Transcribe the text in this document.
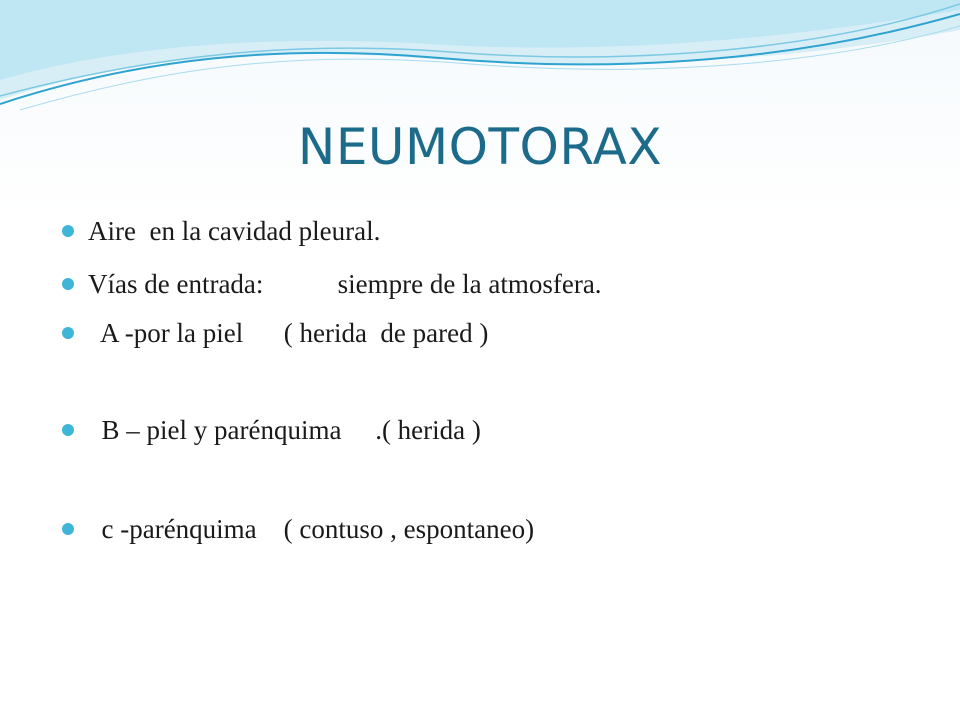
NEUMOTORAX
Aire  en la cavidad pleural.
Vías de entrada:           siempre de la atmosfera.
A -por la piel      ( herida  de pared )
B – piel y parénquima     .( herida )
c -parénquima    ( contuso , espontaneo)
